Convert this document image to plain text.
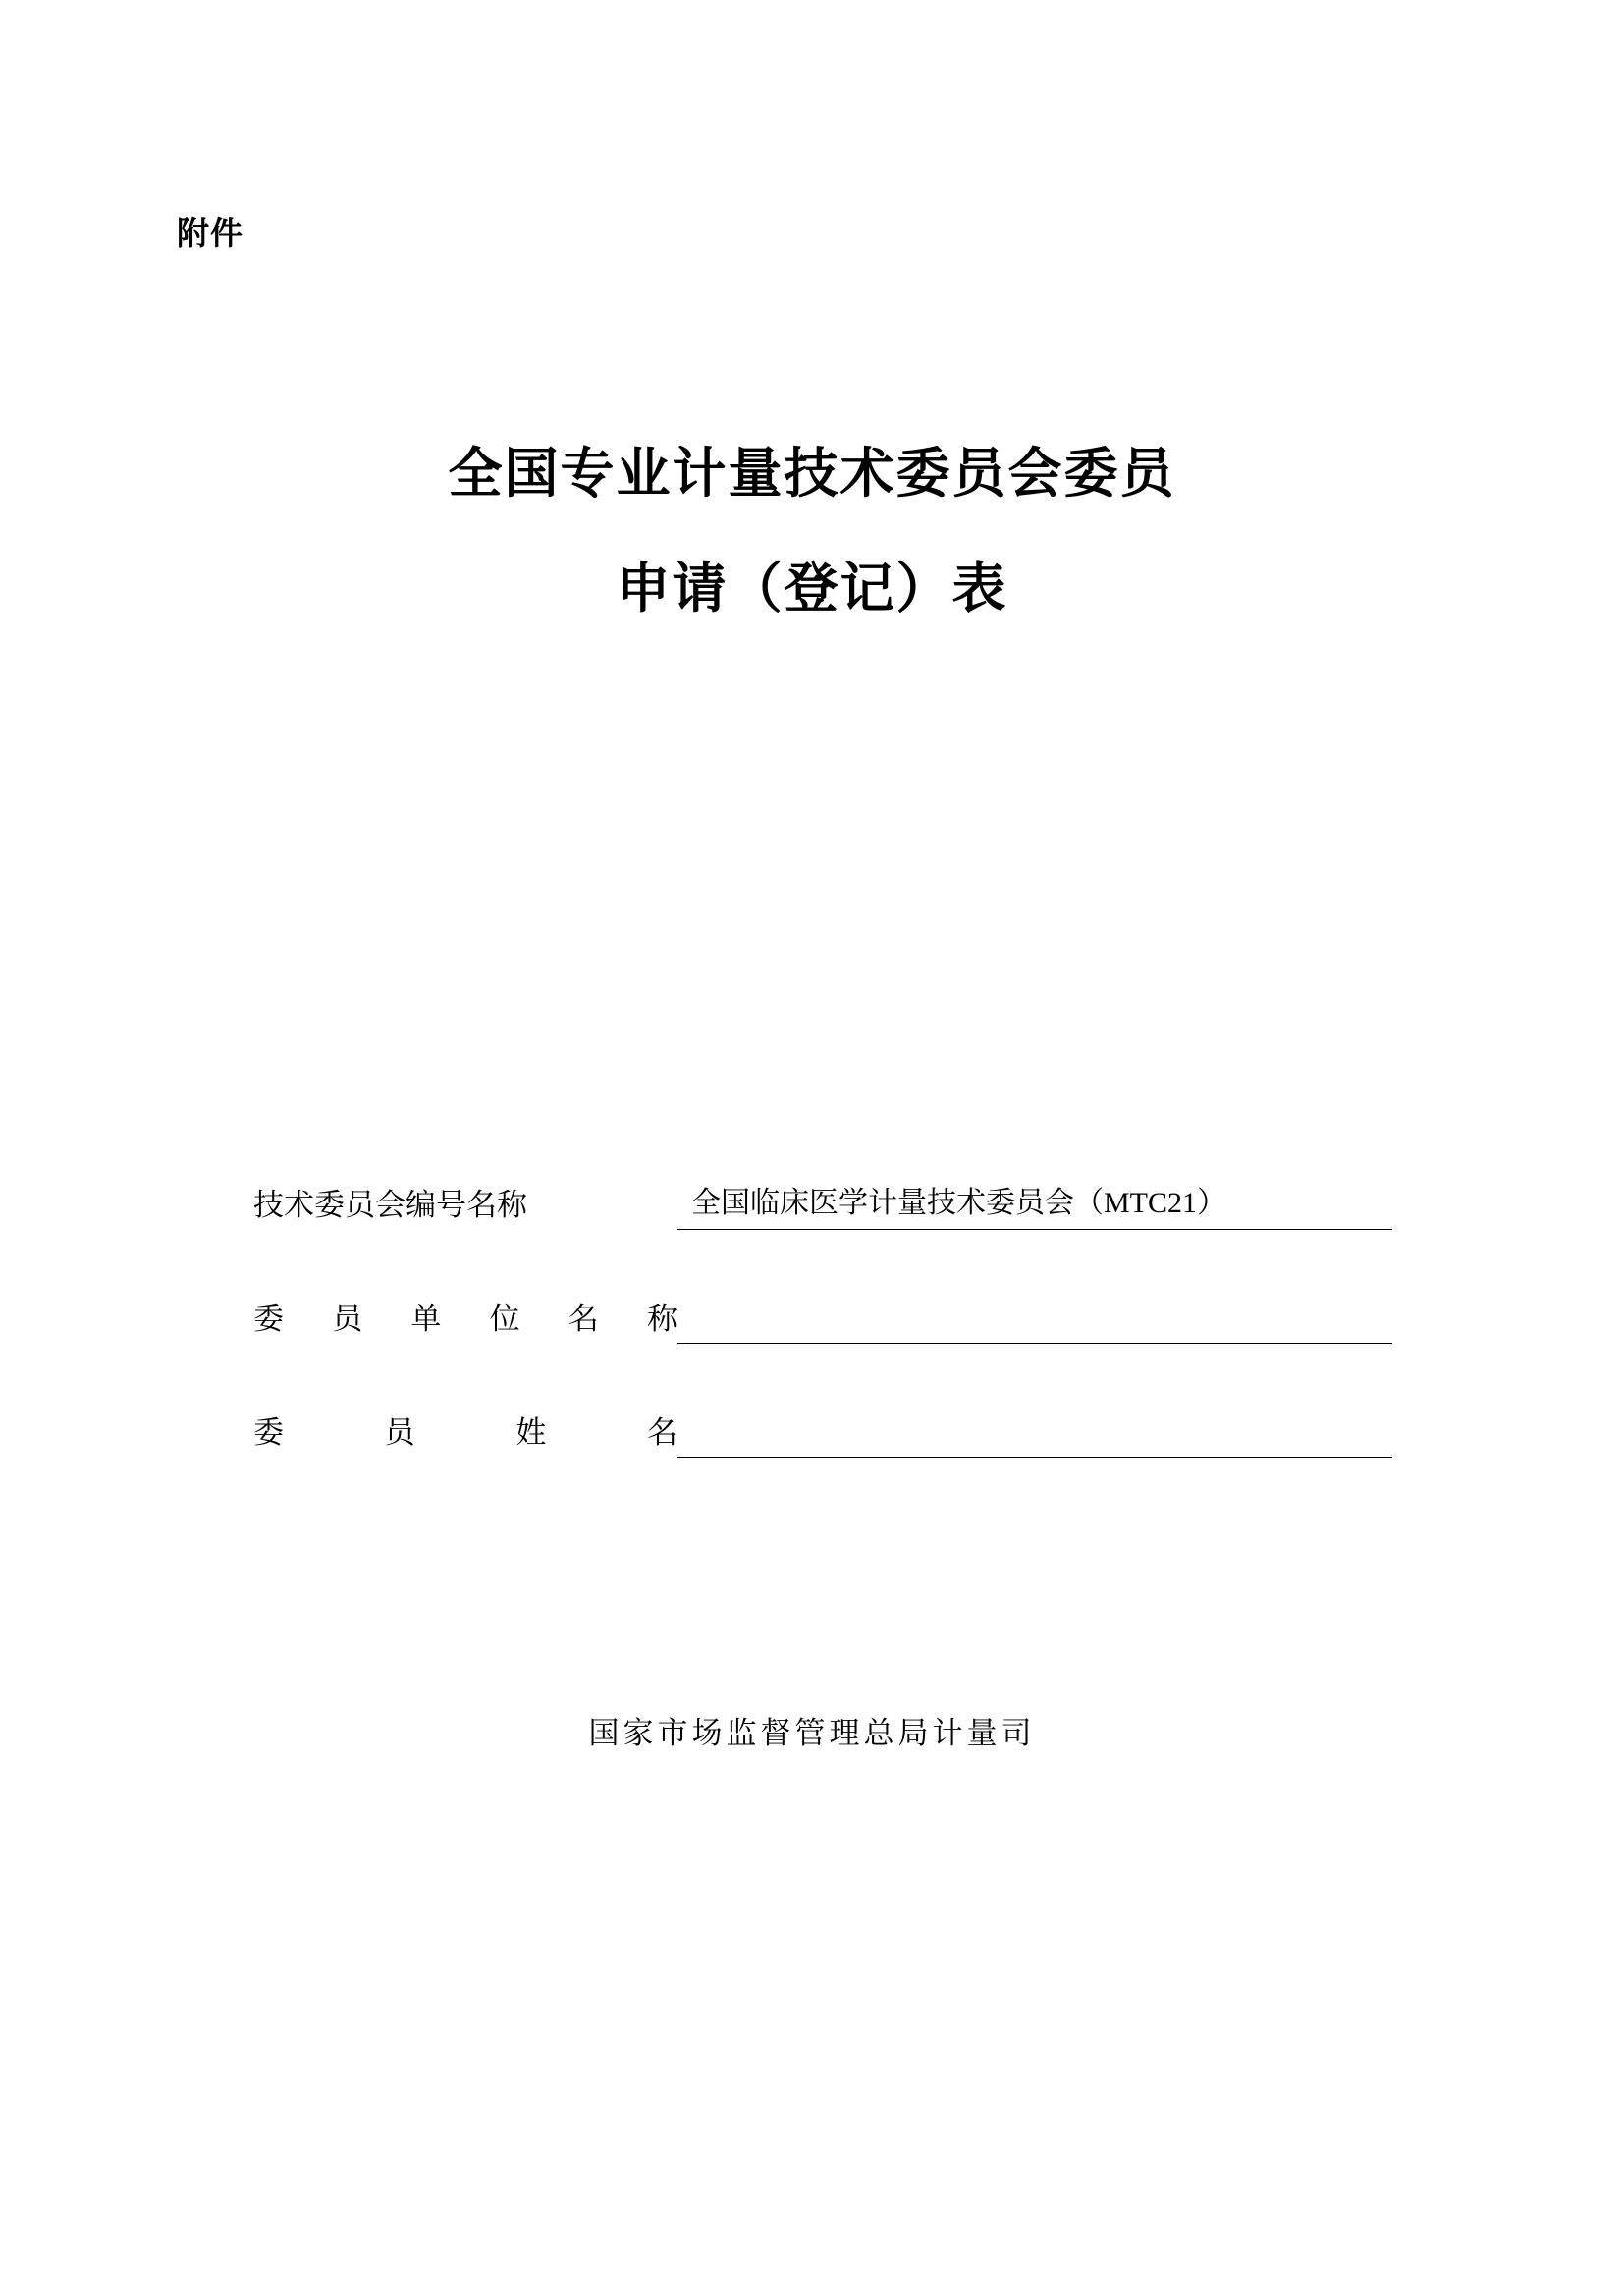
附件
全国专业计量技术委员会委员
申请（登记）表
技术委员会编号名称	全国临床医学计量技术委员会（MTC21）
委 员 单 位 名 称
委	员	姓	名
国家市场监督管理总局计量司
